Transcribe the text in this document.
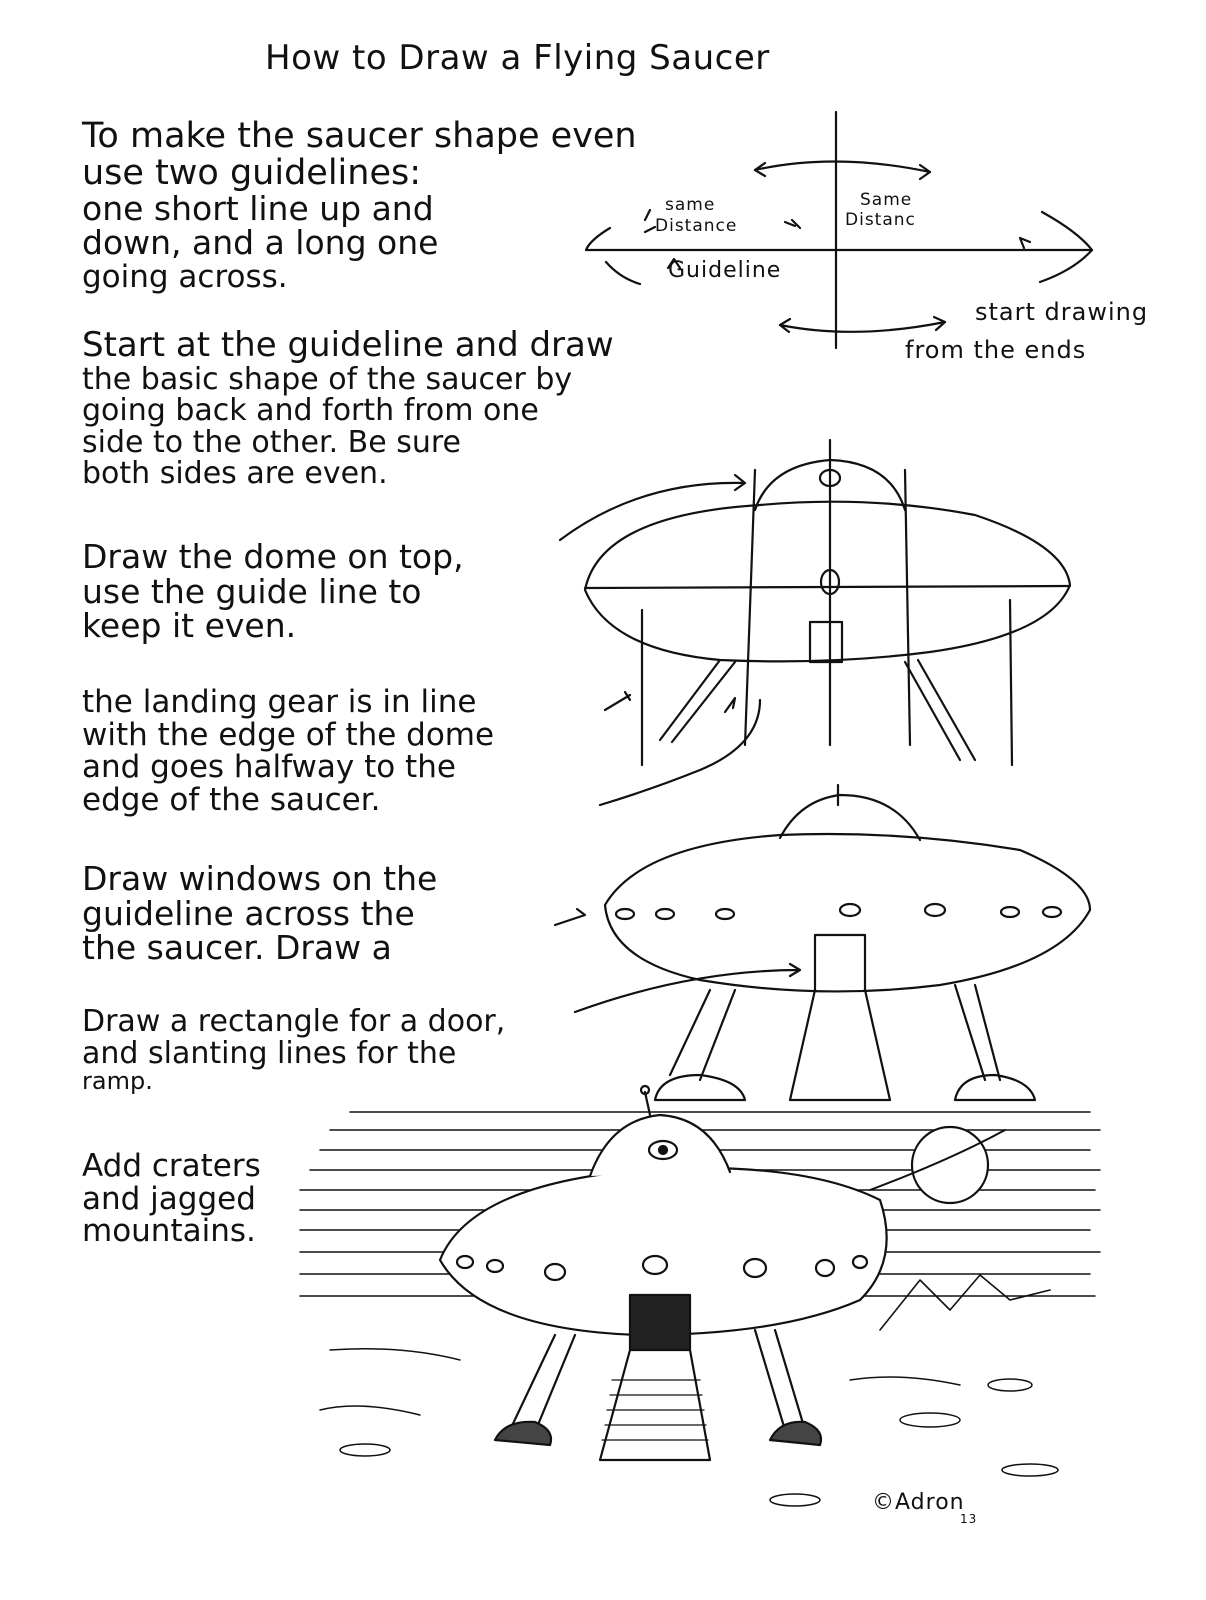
How to Draw a Flying Saucer
To make the saucer shape even
use two guidelines:
one short line up and
down, and a long one
going across.
Start at the guideline and draw
the basic shape of the saucer by
going back and forth from one
side to the other. Be sure
both sides are even.
Draw the dome on top,
use the guide line to
keep it even.
the landing gear is in line
with the edge of the dome
and goes halfway to the
edge of the saucer.
Draw windows on the
guideline across the
the saucer. Draw a
Draw a rectangle for a door,
and slanting lines for the
ramp.
Add craters
and jagged
mountains.
same
Distance
Same
Distanc
Guideline
start drawing
from the ends
©Adron
13
